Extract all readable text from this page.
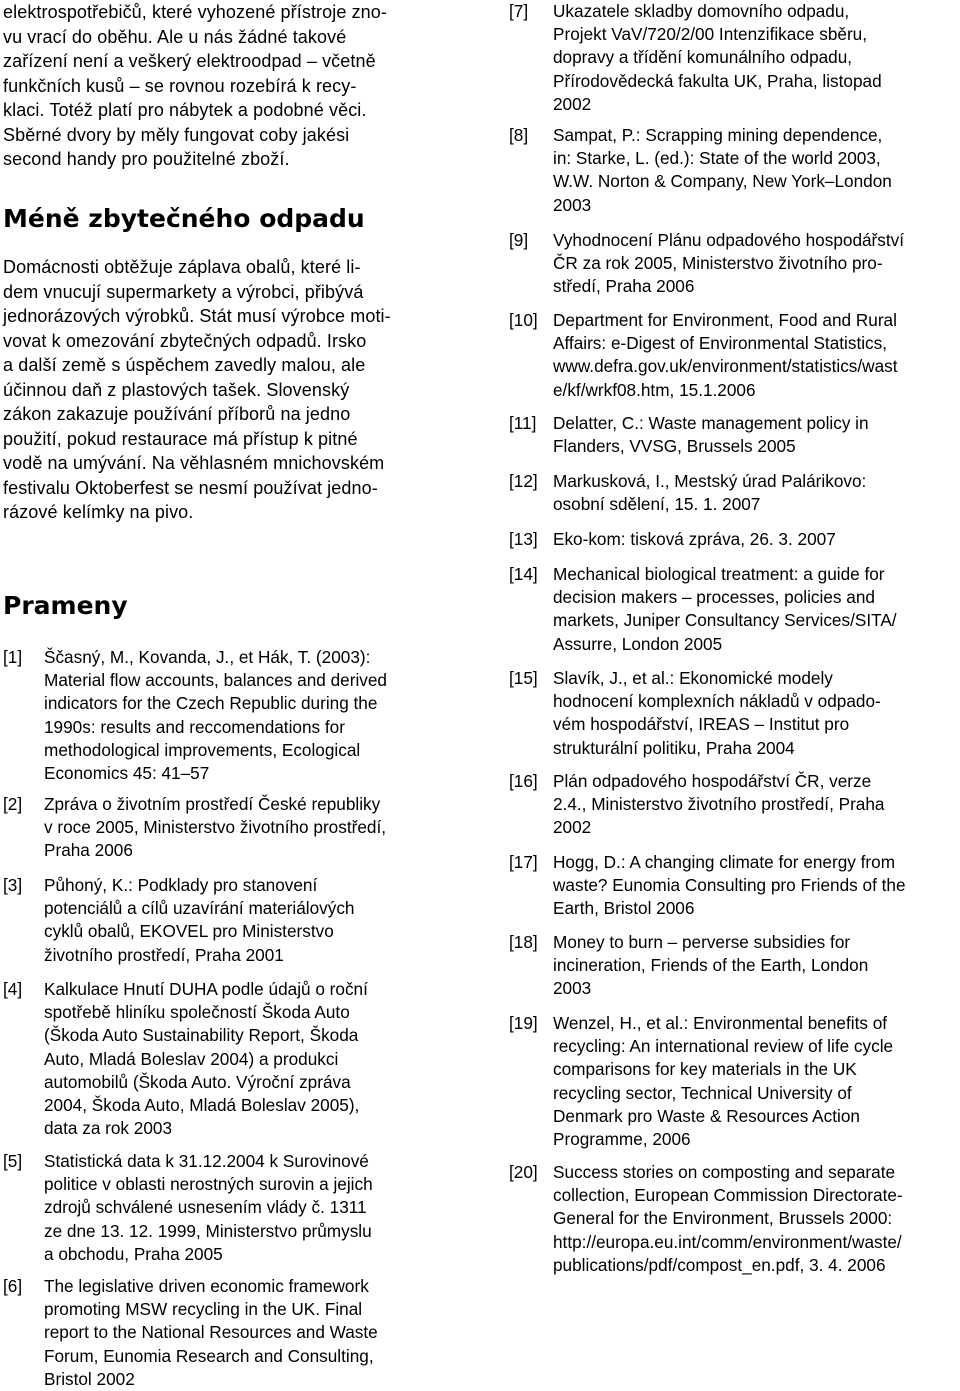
elektrospotřebičů, které vyhozené přístroje zno-
vu vrací do oběhu. Ale u nás žádné takové
zařízení není a veškerý elektroodpad – včetně
funkčních kusů – se rovnou rozebírá k recy-
klaci. Totéž platí pro nábytek a podobné věci.
Sběrné dvory by měly fungovat coby jakési
second handy pro použitelné zboží.
Méně zbytečného odpadu
Domácnosti obtěžuje záplava obalů, které li-
dem vnucují supermarkety a výrobci, přibývá
jednorázových výrobků. Stát musí výrobce moti-
vovat k omezování zbytečných odpadů. Irsko
a další země s úspěchem zavedly malou, ale
účinnou daň z plastových tašek. Slovenský
zákon zakazuje používání příborů na jedno
použití, pokud restaurace má přístup k pitné
vodě na umývání. Na věhlasném mnichovském
festivalu Oktoberfest se nesmí používat jedno-
rázové kelímky na pivo.
Prameny
[1] Ščasný, M., Kovanda, J., et Hák, T. (2003):
Material flow accounts, balances and derived
indicators for the Czech Republic during the
1990s: results and reccomendations for
methodological improvements, Ecological
Economics 45: 41–57
[2] Zpráva o životním prostředí České republiky
v roce 2005, Ministerstvo životního prostředí,
Praha 2006
[3] Půhoný, K.: Podklady pro stanovení
potenciálů a cílů uzavírání materiálových
cyklů obalů, EKOVEL pro Ministerstvo
životního prostředí, Praha 2001
[4] Kalkulace Hnutí DUHA podle údajů o roční
spotřebě hliníku společností Škoda Auto
(Škoda Auto Sustainability Report, Škoda
Auto, Mladá Boleslav 2004) a produkci
automobilů (Škoda Auto. Výroční zpráva
2004, Škoda Auto, Mladá Boleslav 2005),
data za rok 2003
[5] Statistická data k 31.12.2004 k Surovinové
politice v oblasti nerostných surovin a jejich
zdrojů schválené usnesením vlády č. 1311
ze dne 13. 12. 1999, Ministerstvo průmyslu
a obchodu, Praha 2005
[6] The legislative driven economic framework
promoting MSW recycling in the UK. Final
report to the National Resources and Waste
Forum, Eunomia Research and Consulting,
Bristol 2002
[7] Ukazatele skladby domovního odpadu,
Projekt VaV/720/2/00 Intenzifikace sběru,
dopravy a třídění komunálního odpadu,
Přírodovědecká fakulta UK, Praha, listopad
2002
[8] Sampat, P.: Scrapping mining dependence,
in: Starke, L. (ed.): State of the world 2003,
W.W. Norton & Company, New York–London
2003
[9] Vyhodnocení Plánu odpadového hospodářství
ČR za rok 2005, Ministerstvo životního pro-
středí, Praha 2006
[10] Department for Environment, Food and Rural
Affairs: e-Digest of Environmental Statistics,
www.defra.gov.uk/environment/statistics/wast
e/kf/wrkf08.htm, 15.1.2006
[11] Delatter, C.: Waste management policy in
Flanders, VVSG, Brussels 2005
[12] Markusková, I., Mestský úrad Palárikovo:
osobní sdělení, 15. 1. 2007
[13] Eko-kom: tisková zpráva, 26. 3. 2007
[14] Mechanical biological treatment: a guide for
decision makers – processes, policies and
markets, Juniper Consultancy Services/SITA/
Assurre, London 2005
[15] Slavík, J., et al.: Ekonomické modely
hodnocení komplexních nákladů v odpado-
vém hospodářství, IREAS – Institut pro
strukturální politiku, Praha 2004
[16] Plán odpadového hospodářství ČR, verze
2.4., Ministerstvo životního prostředí, Praha
2002
[17] Hogg, D.: A changing climate for energy from
waste? Eunomia Consulting pro Friends of the
Earth, Bristol 2006
[18] Money to burn – perverse subsidies for
incineration, Friends of the Earth, London
2003
[19] Wenzel, H., et al.: Environmental benefits of
recycling: An international review of life cycle
comparisons for key materials in the UK
recycling sector, Technical University of
Denmark pro Waste & Resources Action
Programme, 2006
[20] Success stories on composting and separate
collection, European Commission Directorate-
General for the Environment, Brussels 2000:
http://europa.eu.int/comm/environment/waste/
publications/pdf/compost_en.pdf, 3. 4. 2006
